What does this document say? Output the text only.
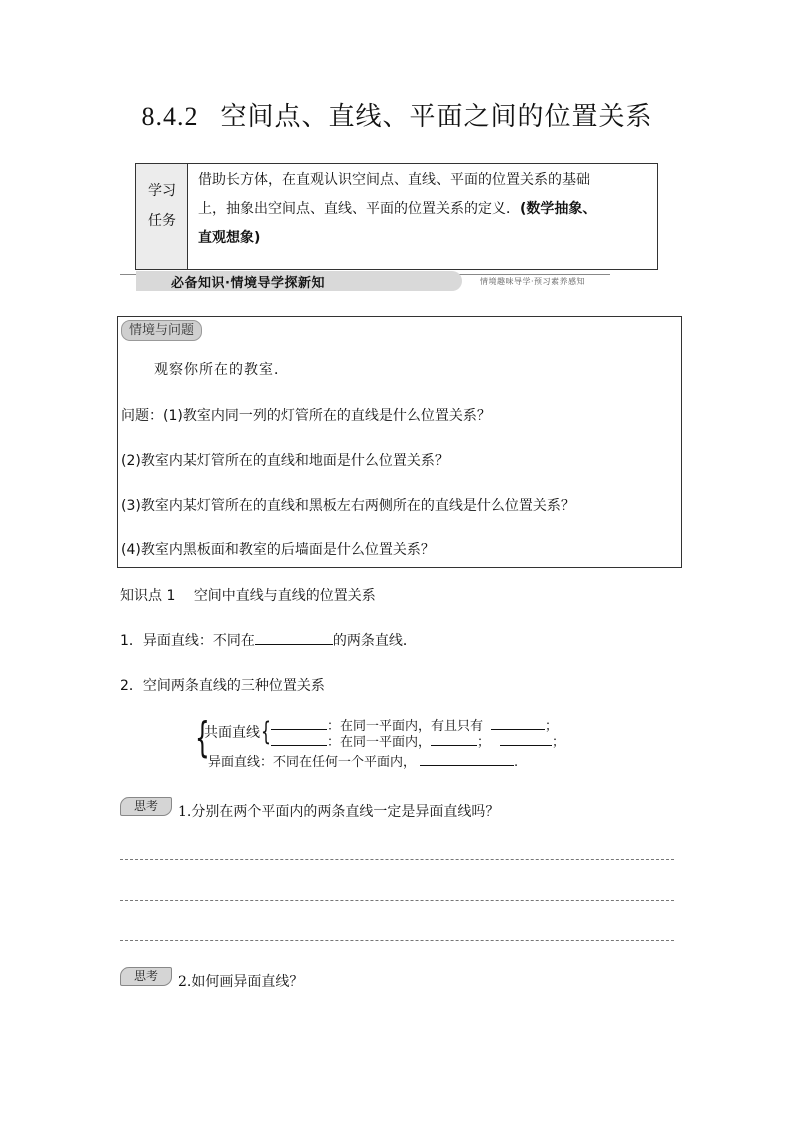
8.4.2 空间点、直线、平面之间的位置关系
学习
任务
借助长方体，在直观认识空间点、直线、平面的位置关系的基础
上，抽象出空间点、直线、平面的位置关系的定义．(数学抽象、
直观想象)
必备知识·情境导学探新知	情境趣味导学·预习素养感知
情境与问题
观察你所在的教室．
问题：(1)教室内同一列的灯管所在的直线是什么位置关系？
(2)教室内某灯管所在的直线和地面是什么位置关系？
(3)教室内某灯管所在的直线和黑板左右两侧所在的直线是什么位置关系？
(4)教室内黑板面和教室的后墙面是什么位置关系？
知识点 1 空间中直线与直线的位置关系
1．异面直线：不同在	的两条直线．
2．空间两条直线的三种位置关系
{
共面直线 {	：在同一平面内，有且只有	；
：在同一平面内，	；	；
异面直线：不同在任何一个平面内，	.
思考	1.分别在两个平面内的两条直线一定是异面直线吗？
思考	2.如何画异面直线？
